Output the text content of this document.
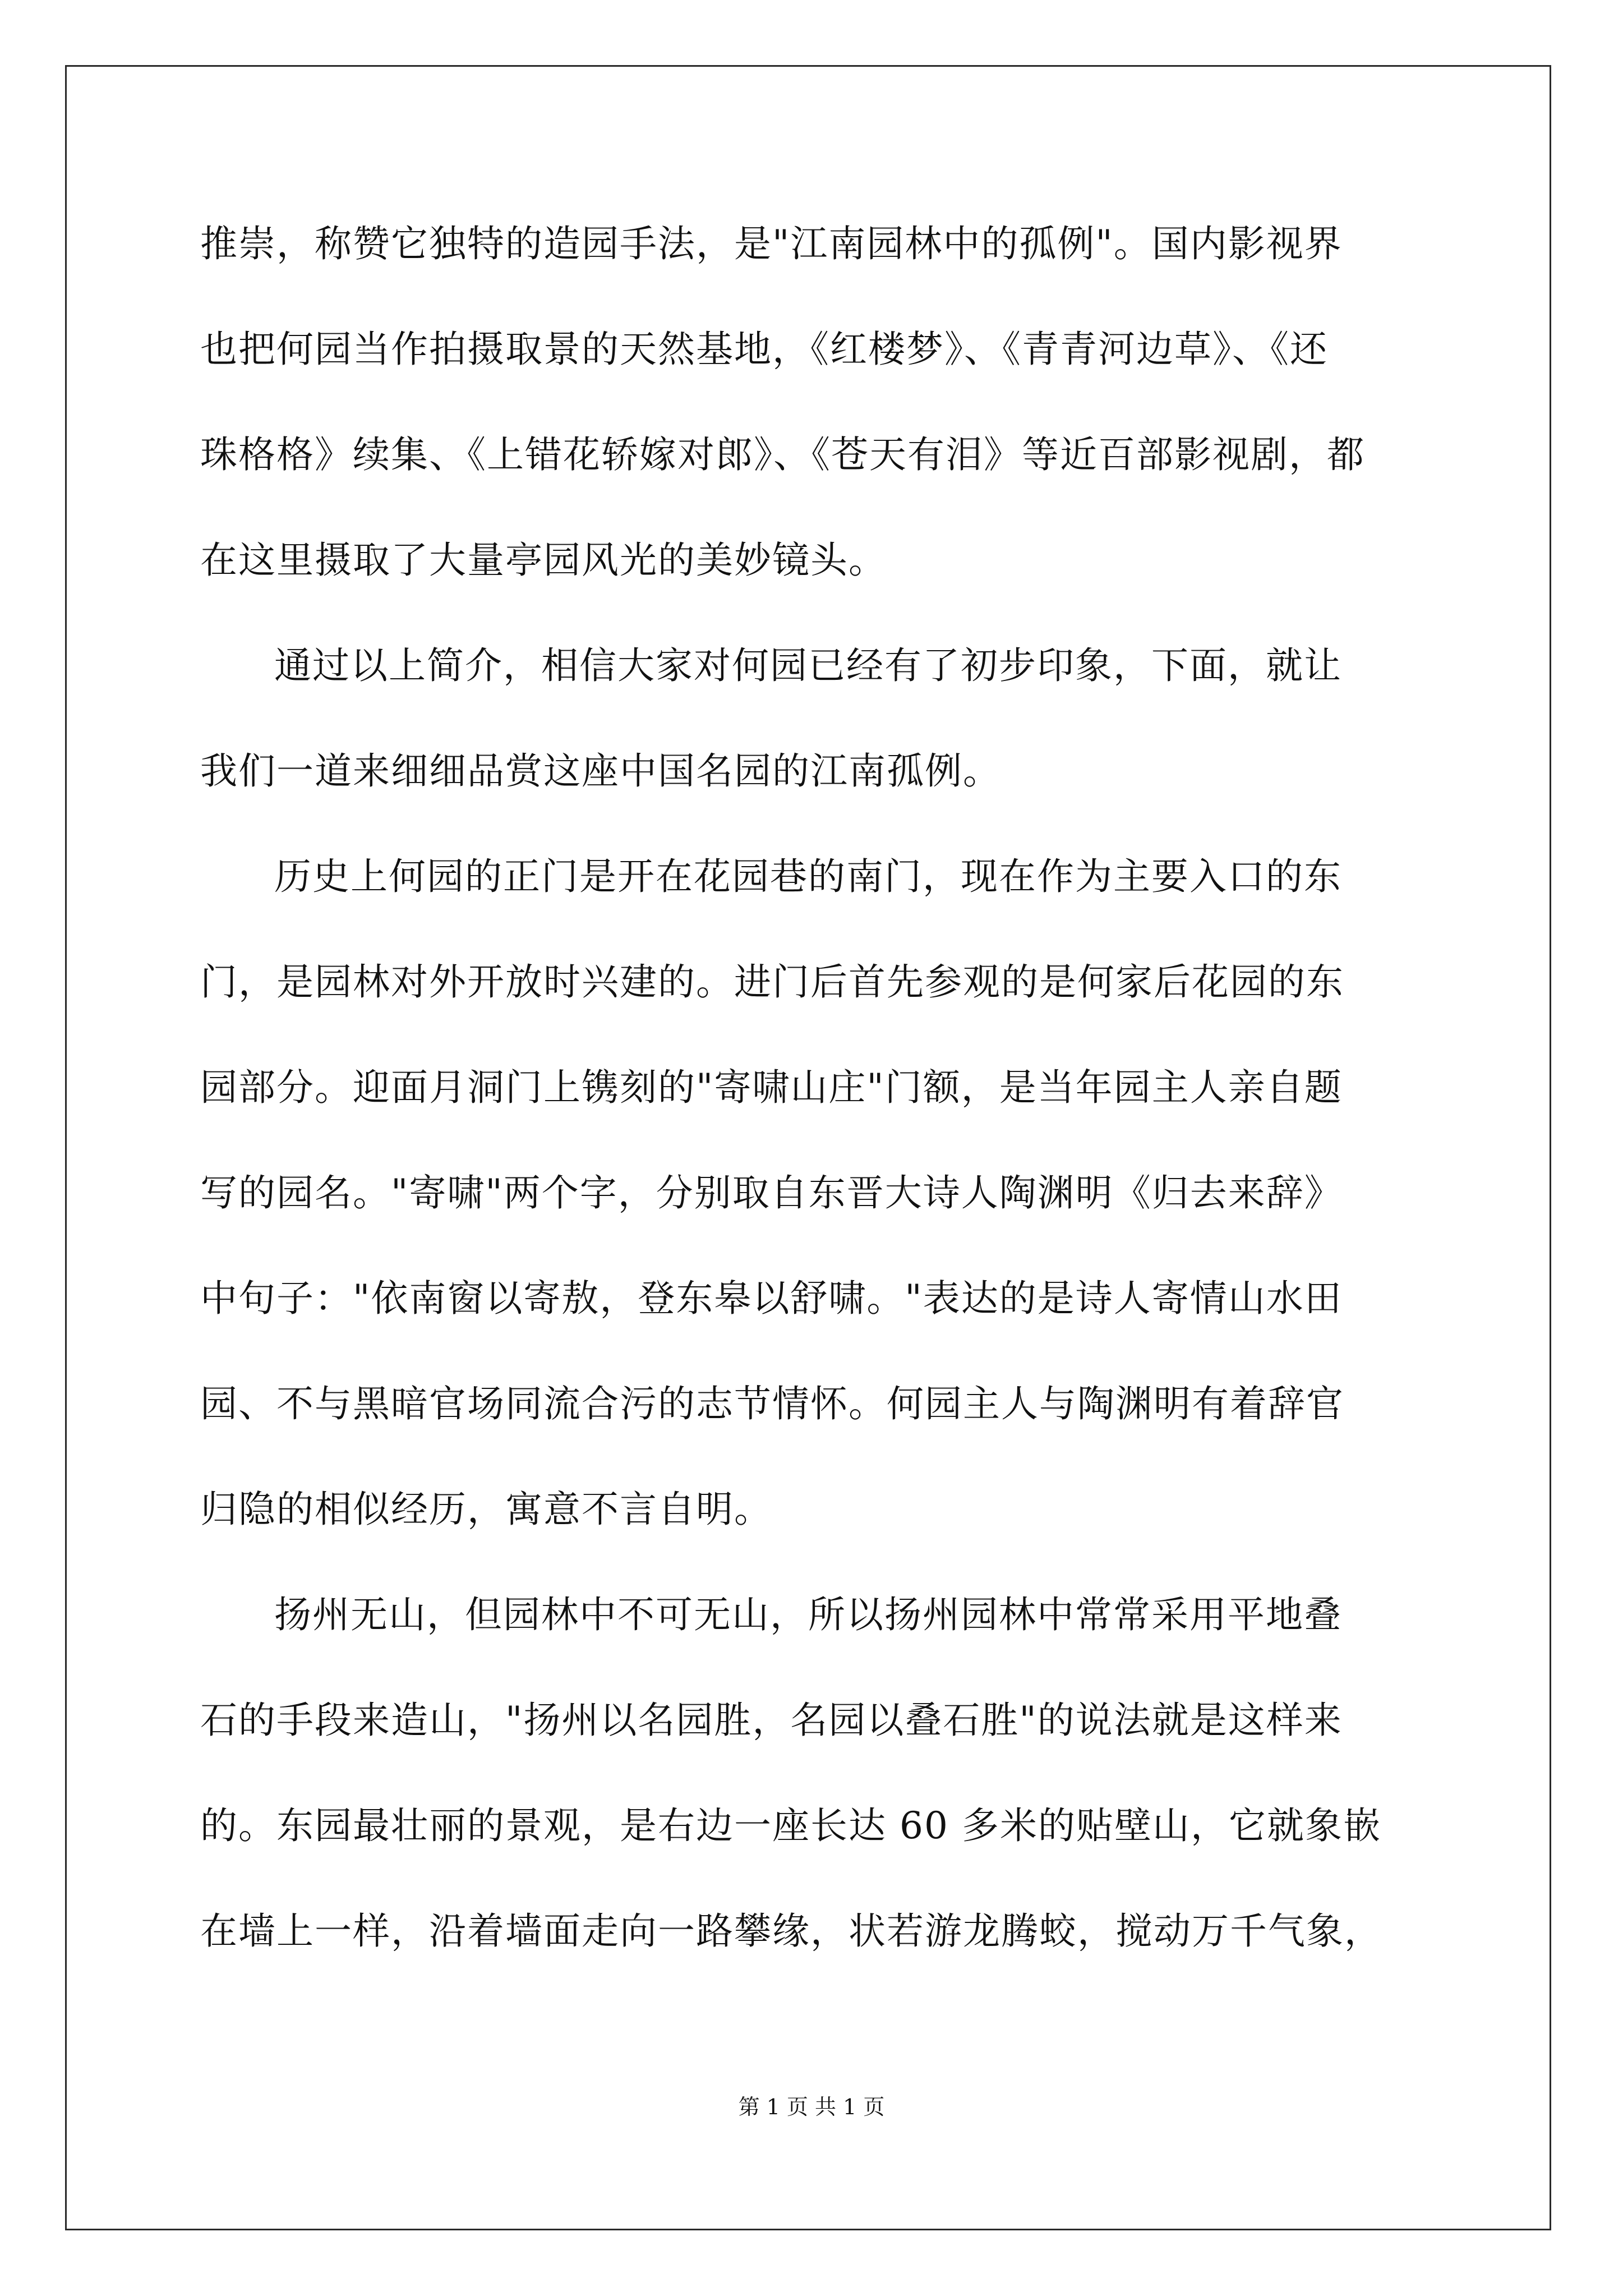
推崇，称赞它独特的造园手法，是"江南园林中的孤例"。国内影视界
也把何园当作拍摄取景的天然基地，《红楼梦》、《青青河边草》、《还
珠格格》续集、《上错花轿嫁对郎》、《苍天有泪》等近百部影视剧，都
在这里摄取了大量亭园风光的美妙镜头。
通过以上简介，相信大家对何园已经有了初步印象，下面，就让
我们一道来细细品赏这座中国名园的江南孤例。
历史上何园的正门是开在花园巷的南门，现在作为主要入口的东
门，是园林对外开放时兴建的。进门后首先参观的是何家后花园的东
园部分。迎面月洞门上镌刻的"寄啸山庄"门额，是当年园主人亲自题
写的园名。"寄啸"两个字，分别取自东晋大诗人陶渊明《归去来辞》
中句子："依南窗以寄敖，登东皋以舒啸。"表达的是诗人寄情山水田
园、不与黑暗官场同流合污的志节情怀。何园主人与陶渊明有着辞官
归隐的相似经历，寓意不言自明。
扬州无山，但园林中不可无山，所以扬州园林中常常采用平地叠
石的手段来造山，"扬州以名园胜，名园以叠石胜"的说法就是这样来
的。东园最壮丽的景观，是右边一座长达 60 多米的贴壁山，它就象嵌
在墙上一样，沿着墙面走向一路攀缘，状若游龙腾蛟，搅动万千气象，
第 1 页 共 1 页
